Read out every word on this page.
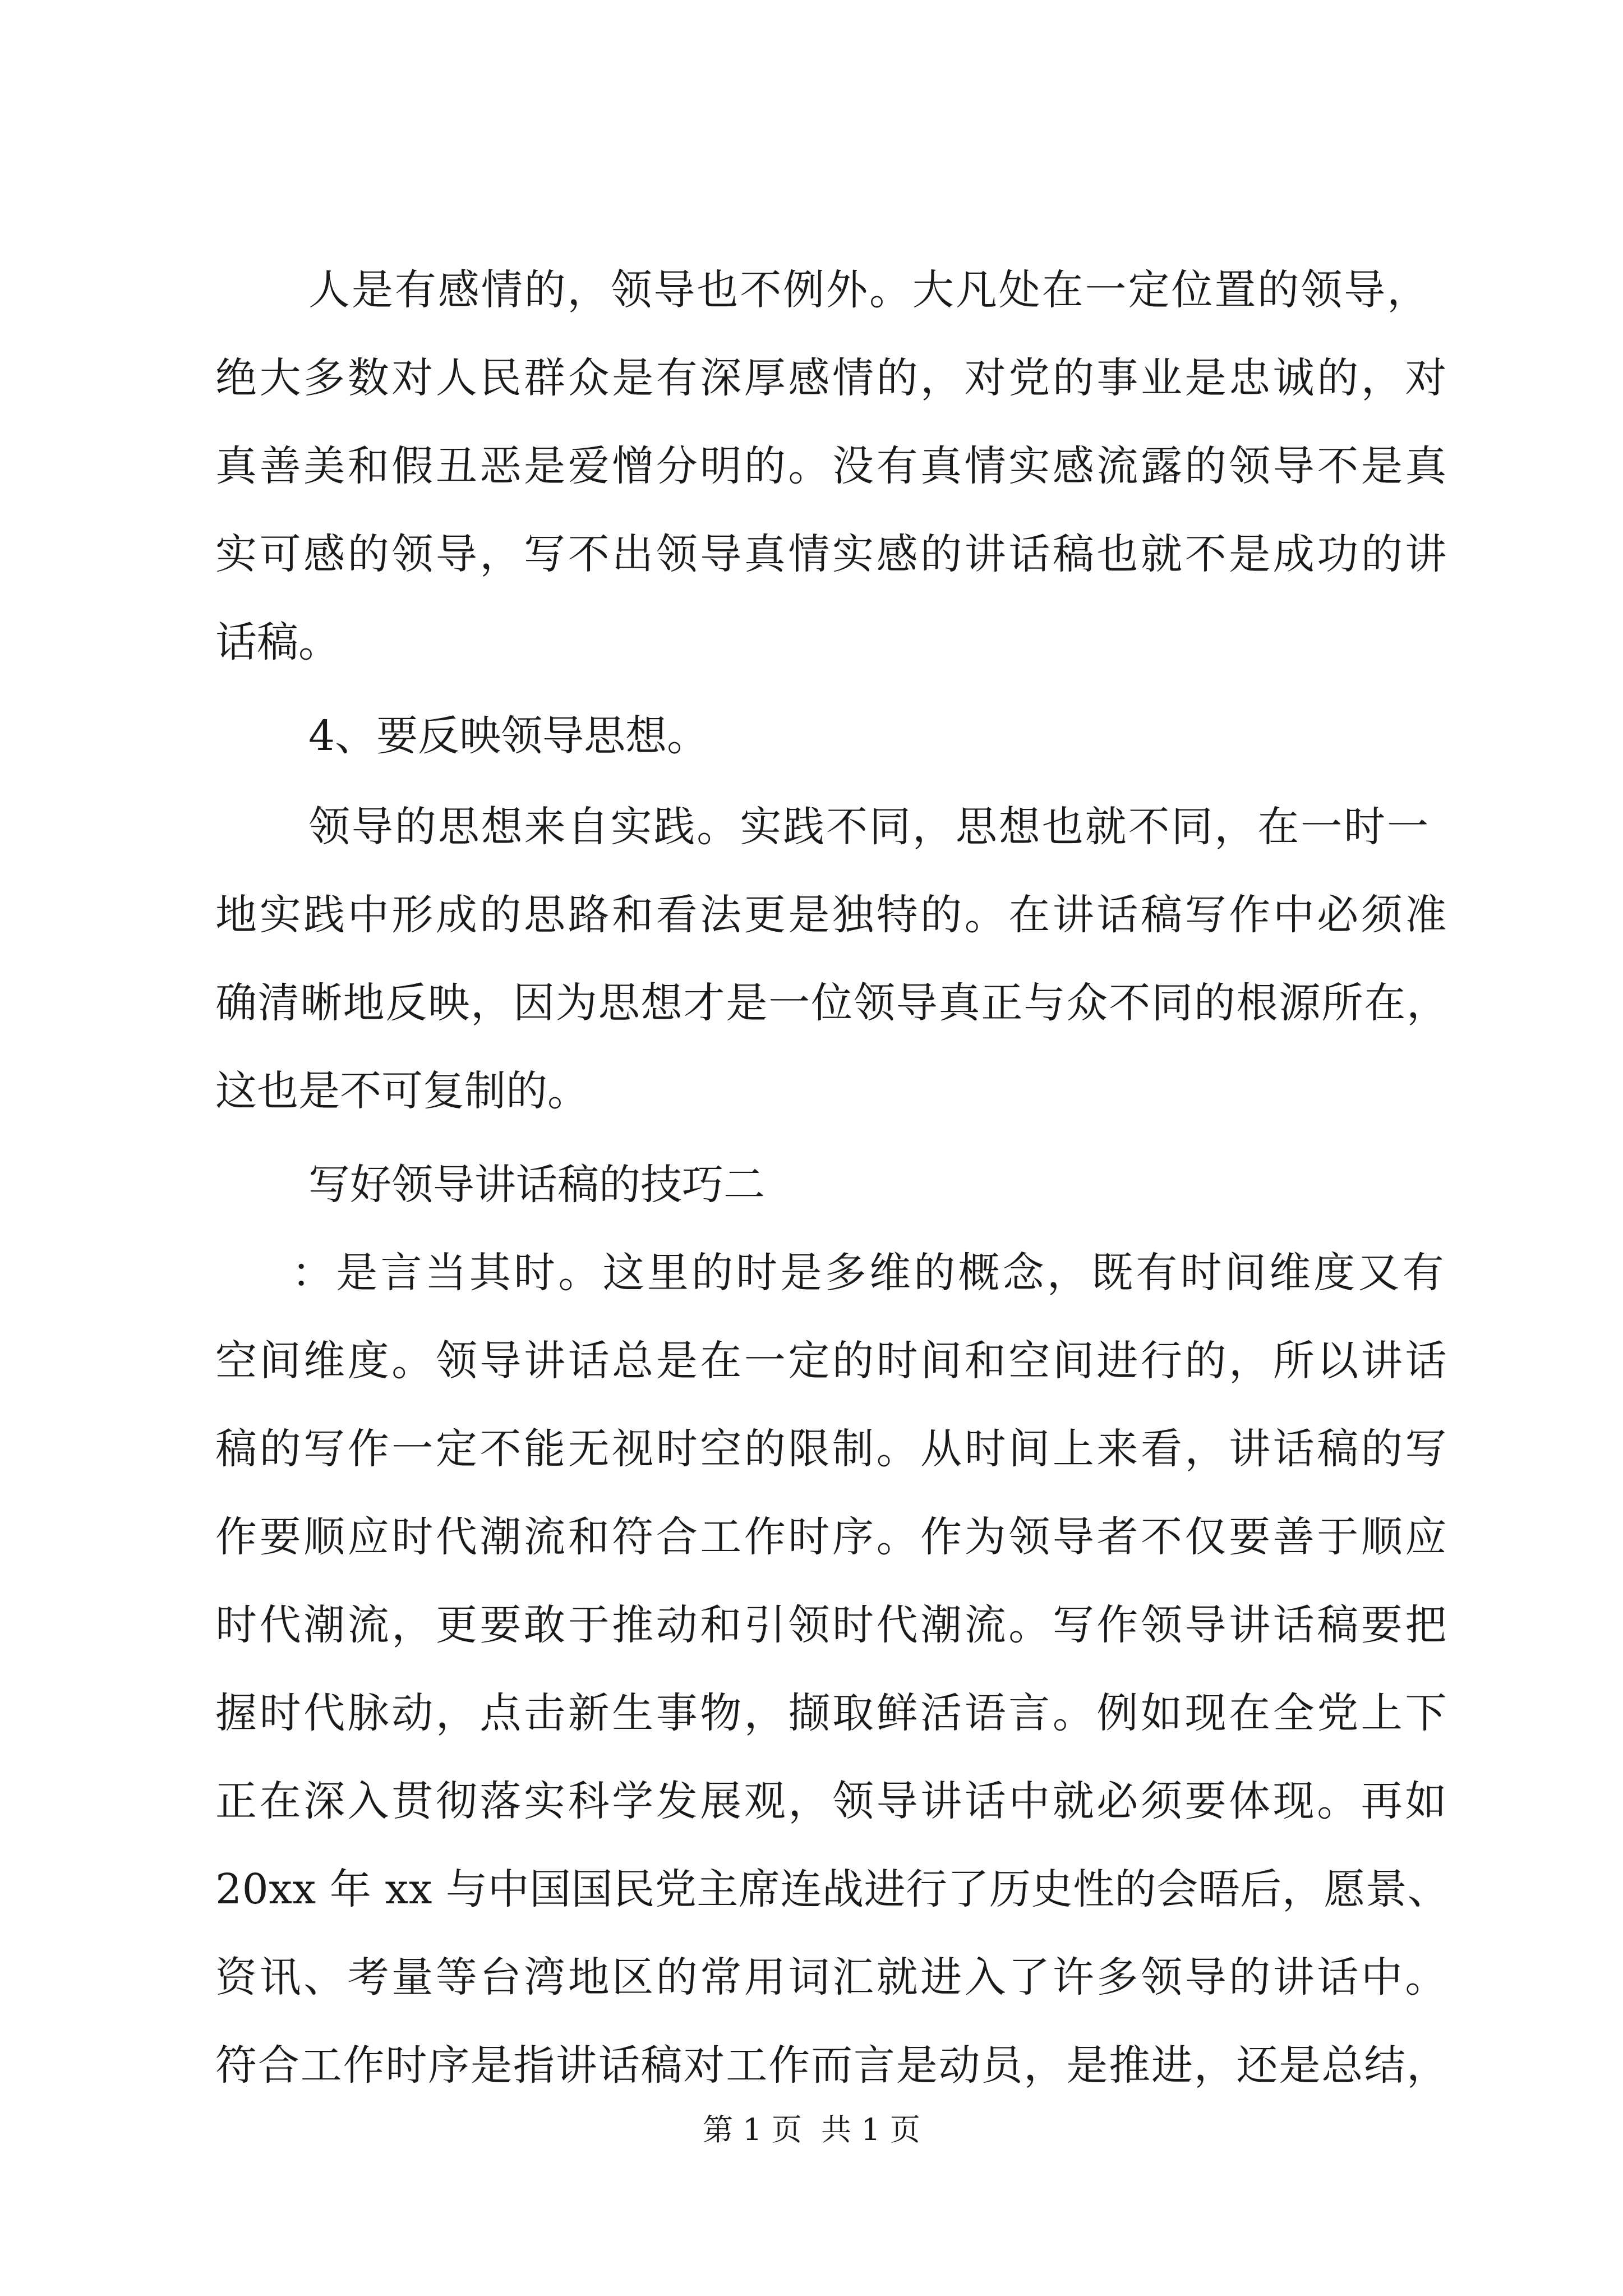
人是有感情的，领导也不例外。大凡处在一定位置的领导，
绝大多数对人民群众是有深厚感情的，对党的事业是忠诚的，对
真善美和假丑恶是爱憎分明的。没有真情实感流露的领导不是真
实可感的领导，写不出领导真情实感的讲话稿也就不是成功的讲
话稿。
4、要反映领导思想。
领导的思想来自实践。实践不同，思想也就不同，在一时一
地实践中形成的思路和看法更是独特的。在讲话稿写作中必须准
确清晰地反映，因为思想才是一位领导真正与众不同的根源所在，
这也是不可复制的。
写好领导讲话稿的技巧二
：是言当其时。这里的时是多维的概念，既有时间维度又有
空间维度。领导讲话总是在一定的时间和空间进行的，所以讲话
稿的写作一定不能无视时空的限制。从时间上来看，讲话稿的写
作要顺应时代潮流和符合工作时序。作为领导者不仅要善于顺应
时代潮流，更要敢于推动和引领时代潮流。写作领导讲话稿要把
握时代脉动，点击新生事物，撷取鲜活语言。例如现在全党上下
正在深入贯彻落实科学发展观，领导讲话中就必须要体现。再如
20xx 年 xx 与中国国民党主席连战进行了历史性的会晤后，愿景、
资讯、考量等台湾地区的常用词汇就进入了许多领导的讲话中。
符合工作时序是指讲话稿对工作而言是动员，是推进，还是总结，
第 1 页  共 1 页
